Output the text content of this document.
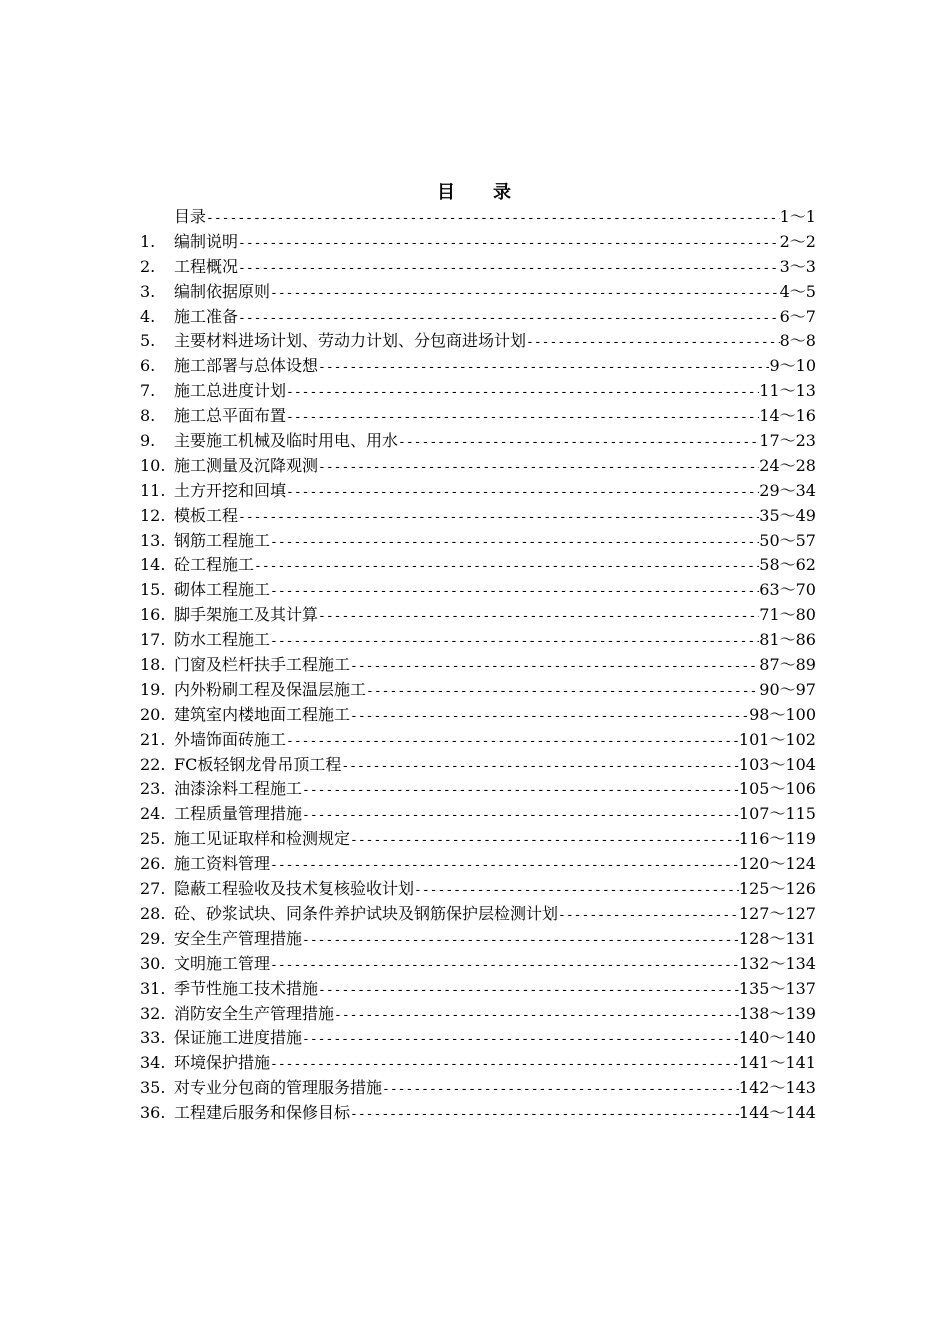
目 录
目录 -----	1～1
1.	编制说明 -----	2～2
2.	工程概况 -----	3～3
3.	编制依据原则 -----	4～5
4.	施工准备 -----	6～7
5.	主要材料进场计划、劳动力计划、分包商进场计划 -----	8～8
6.	施工部署与总体设想 -----	9～10
7.	施工总进度计划 -----	11～13
8.	施工总平面布置 -----	14～16
9.	主要施工机械及临时用电、用水 -----	17～23
10. 施工测量及沉降观测 -----	24～28
11. 土方开挖和回填 -----	29～34
12. 模板工程 -----	35～49
13. 钢筋工程施工 -----	50～57
14. 砼工程施工 -----	58～62
15. 砌体工程施工 -----	63～70
16. 脚手架施工及其计算 -----	71～80
17. 防水工程施工 -----	81～86
18. 门窗及栏杆扶手工程施工 -----	87～89
19. 内外粉刷工程及保温层施工 -----	90～97
20. 建筑室内楼地面工程施工 -----	98～100
21. 外墙饰面砖施工 -----	101～102
22. FC板轻钢龙骨吊顶工程 -----	103～104
23. 油漆涂料工程施工 -----	105～106
24. 工程质量管理措施 -----	107～115
25. 施工见证取样和检测规定 -----	116～119
26. 施工资料管理 -----	120～124
27. 隐蔽工程验收及技术复核验收计划 -----	125～126
28. 砼、砂浆试块、同条件养护试块及钢筋保护层检测计划 -----	127～127
29. 安全生产管理措施 -----	128～131
30. 文明施工管理 -----	132～134
31. 季节性施工技术措施 -----	135～137
32. 消防安全生产管理措施 -----	138～139
33. 保证施工进度措施 -----	140～140
34. 环境保护措施 -----	141～141
35. 对专业分包商的管理服务措施 -----	142～143
36. 工程建后服务和保修目标 -----	144～144
